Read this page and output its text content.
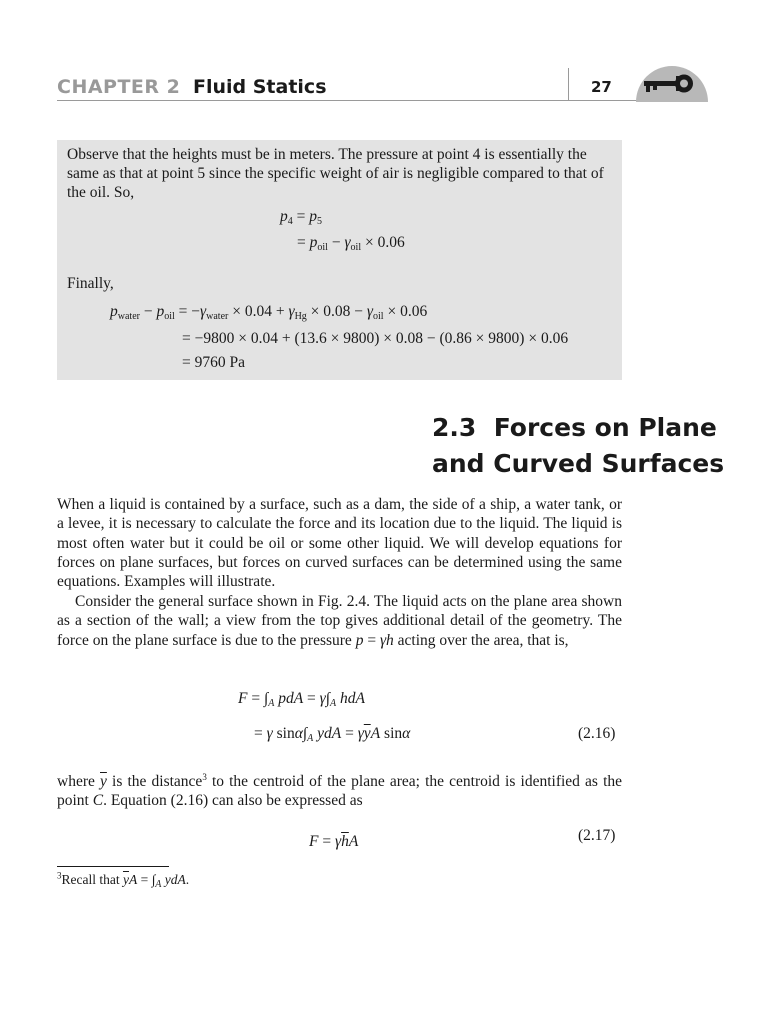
CHAPTER 2 Fluid Statics	27
Observe that the heights must be in meters. The pressure at point 4 is essentially the same as that at point 5 since the specific weight of air is negligible compared to that of the oil. So,
$p_4 = p_5$
= $p_{oil} - \gamma_{oil} \times 0.06$
Finally,
$p_{water} - p_{oil} = -\gamma_{water} \times 0.04 + \gamma_{Hg} \times 0.08 - \gamma_{oil} \times 0.06$
= −9800 × 0.04 + (13.6 × 9800) × 0.08 − (0.86 × 9800) × 0.06
= 9760 Pa
2.3 Forces on Plane
and Curved Surfaces
When a liquid is contained by a surface, such as a dam, the side of a ship, a water tank, or a levee, it is necessary to calculate the force and its location due to the liquid. The liquid is most often water but it could be oil or some other liquid. We will develop equations for forces on plane surfaces, but forces on curved surfaces can be determined using the same equations. Examples will illustrate.
Consider the general surface shown in Fig. 2.4. The liquid acts on the plane area shown as a section of the wall; a view from the top gives additional detail of the geometry. The force on the plane surface is due to the pressure p = γh acting over the area, that is,
$F = \int_A$ pdA = $\gamma\int_A$ hdA
= γ $\sin\alpha\int_A$ ydA = $\gamma\overline{y}A$ sinα	(2.16)
where $\overline{y}$ is the distance$^3$ to the centroid of the plane area; the centroid is identified as the point C. Equation (2.16) can also be expressed as
$F = \gamma\overline{h}A$	(2.17)
$^3$Recall that $\overline{y}A = \int_A$ ydA.
